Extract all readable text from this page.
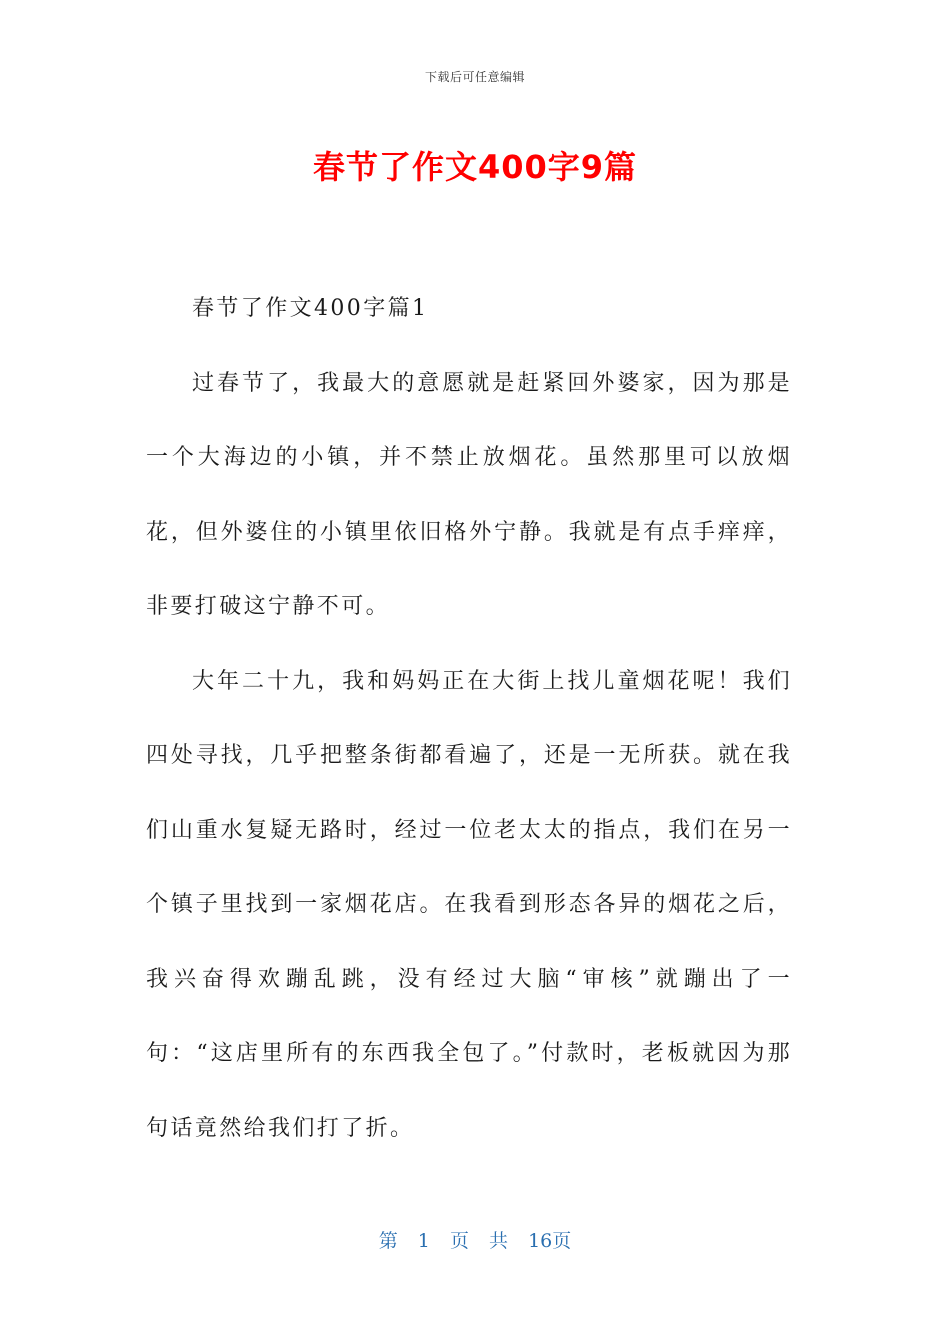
下载后可任意编辑
春节了作文400字9篇

春节了作文400字篇1

过春节了，我最大的意愿就是赶紧回外婆家，因为那是一个大海边的小镇，并不禁止放烟花。虽然那里可以放烟花，但外婆住的小镇里依旧格外宁静。我就是有点手痒痒，非要打破这宁静不可。

大年二十九，我和妈妈正在大街上找儿童烟花呢！我们四处寻找，几乎把整条街都看遍了，还是一无所获。就在我们山重水复疑无路时，经过一位老太太的指点，我们在另一个镇子里找到一家烟花店。在我看到形态各异的烟花之后，我兴奋得欢蹦乱跳，没有经过大脑“审核”就蹦出了一句：“这店里所有的东西我全包了。”付款时，老板就因为那句话竟然给我们打了折。

第 1 页 共 16页
